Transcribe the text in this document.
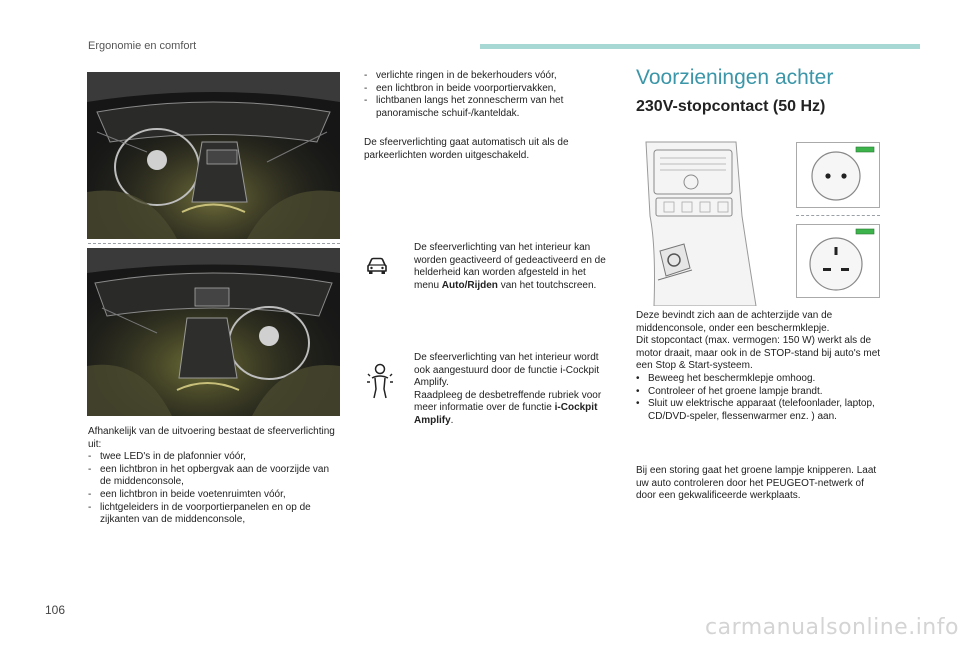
Ergonomie en comfort

Afhankelijk van de uitvoering bestaat de sfeerverlichting uit:

- twee LED's in de plafonnier vóór,
- een lichtbron in het opbergvak aan de voorzijde van de middenconsole,
- een lichtbron in beide voetenruimten vóór,
- lichtgeleiders in de voorportierpanelen en op de zijkanten van de middenconsole,
- verlichte ringen in de bekerhouders vóór,
- een lichtbron in beide voorportiervakken,
- lichtbanen langs het zonnescherm van het panoramische schuif-/kanteldak.
De sfeerverlichting gaat automatisch uit als de parkeerlichten worden uitgeschakeld.
De sfeerverlichting van het interieur kan worden geactiveerd of gedeactiveerd en de helderheid kan worden afgesteld in het menu Auto/Rijden van het toutchscreen.

De sfeerverlichting van het interieur wordt ook aangestuurd door de functie i-Cockpit Amplify.

Raadpleeg de desbetreffende rubriek voor meer informatie over de functie i-Cockpit Amplify.

Voorzieningen achter
230V-stopcontact (50 Hz)

Deze bevindt zich aan de achterzijde van de middenconsole, onder een beschermklepje.

Dit stopcontact (max. vermogen: 150 W) werkt als de motor draait, maar ook in de STOP-stand bij auto's met een Stop & Start-systeem.

• Beweeg het beschermklepje omhoog.
• Controleer of het groene lampje brandt.
• Sluit uw elektrische apparaat (telefoonlader, laptop, CD/DVD-speler, flessenwarmer enz. ) aan.
Bij een storing gaat het groene lampje knipperen. Laat uw auto controleren door het PEUGEOT-netwerk of door een gekwalificeerde werkplaats.
106
carmanualsonline.info
